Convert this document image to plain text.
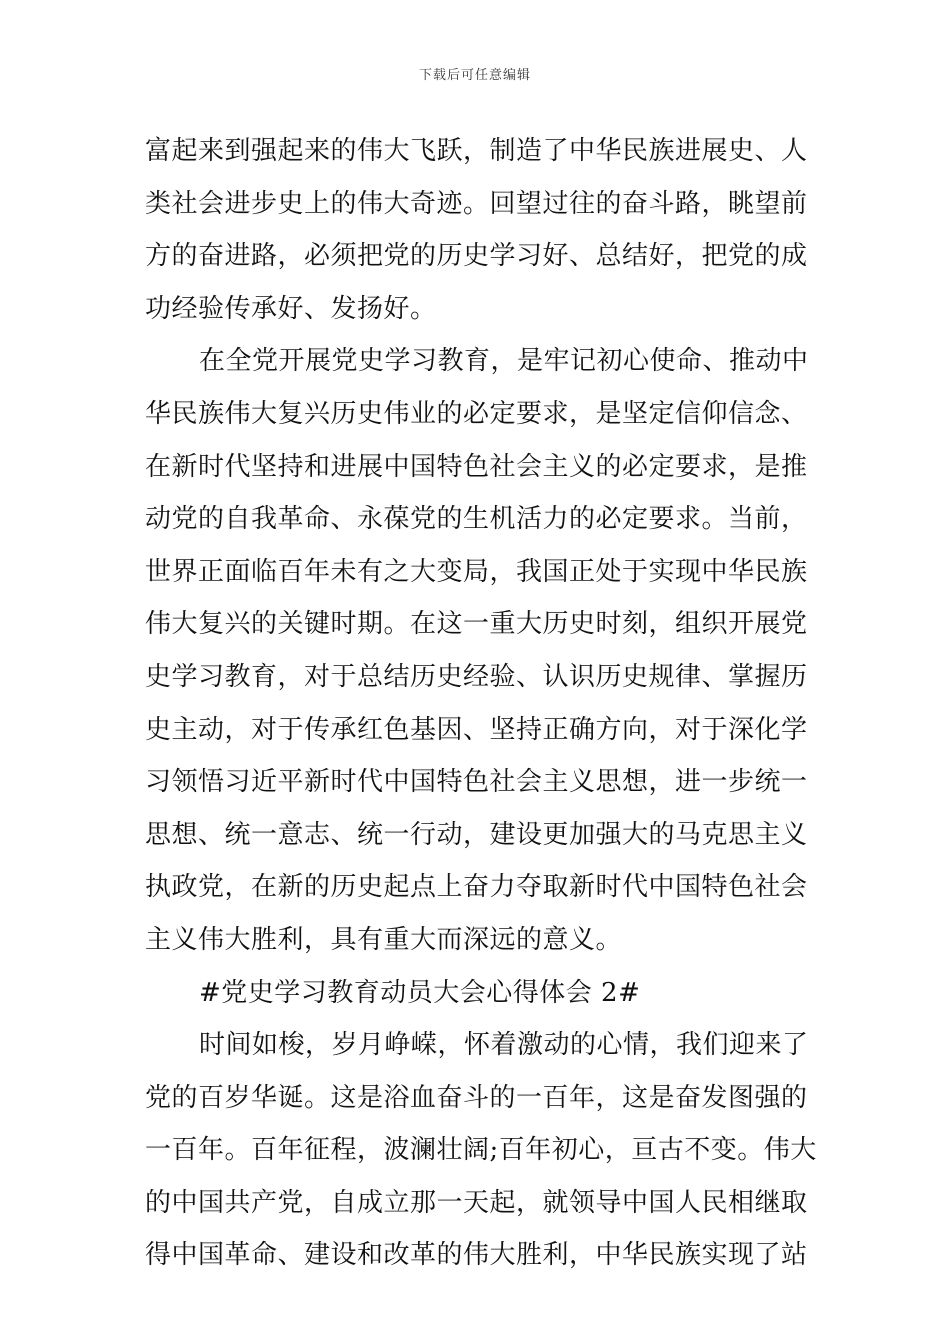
下载后可任意编辑
富起来到强起来的伟大飞跃，制造了中华民族进展史、人
类社会进步史上的伟大奇迹。回望过往的奋斗路，眺望前
方的奋进路，必须把党的历史学习好、总结好，把党的成
功经验传承好、发扬好。
在全党开展党史学习教育，是牢记初心使命、推动中
华民族伟大复兴历史伟业的必定要求，是坚定信仰信念、
在新时代坚持和进展中国特色社会主义的必定要求，是推
动党的自我革命、永葆党的生机活力的必定要求。当前，
世界正面临百年未有之大变局，我国正处于实现中华民族
伟大复兴的关键时期。在这一重大历史时刻，组织开展党
史学习教育，对于总结历史经验、认识历史规律、掌握历
史主动，对于传承红色基因、坚持正确方向，对于深化学
习领悟习近平新时代中国特色社会主义思想，进一步统一
思想、统一意志、统一行动，建设更加强大的马克思主义
执政党，在新的历史起点上奋力夺取新时代中国特色社会
主义伟大胜利，具有重大而深远的意义。
#党史学习教育动员大会心得体会 2#
时间如梭，岁月峥嵘，怀着激动的心情，我们迎来了
党的百岁华诞。这是浴血奋斗的一百年，这是奋发图强的
一百年。百年征程，波澜壮阔;百年初心，亘古不变。伟大
的中国共产党，自成立那一天起，就领导中国人民相继取
得中国革命、建设和改革的伟大胜利，中华民族实现了站
